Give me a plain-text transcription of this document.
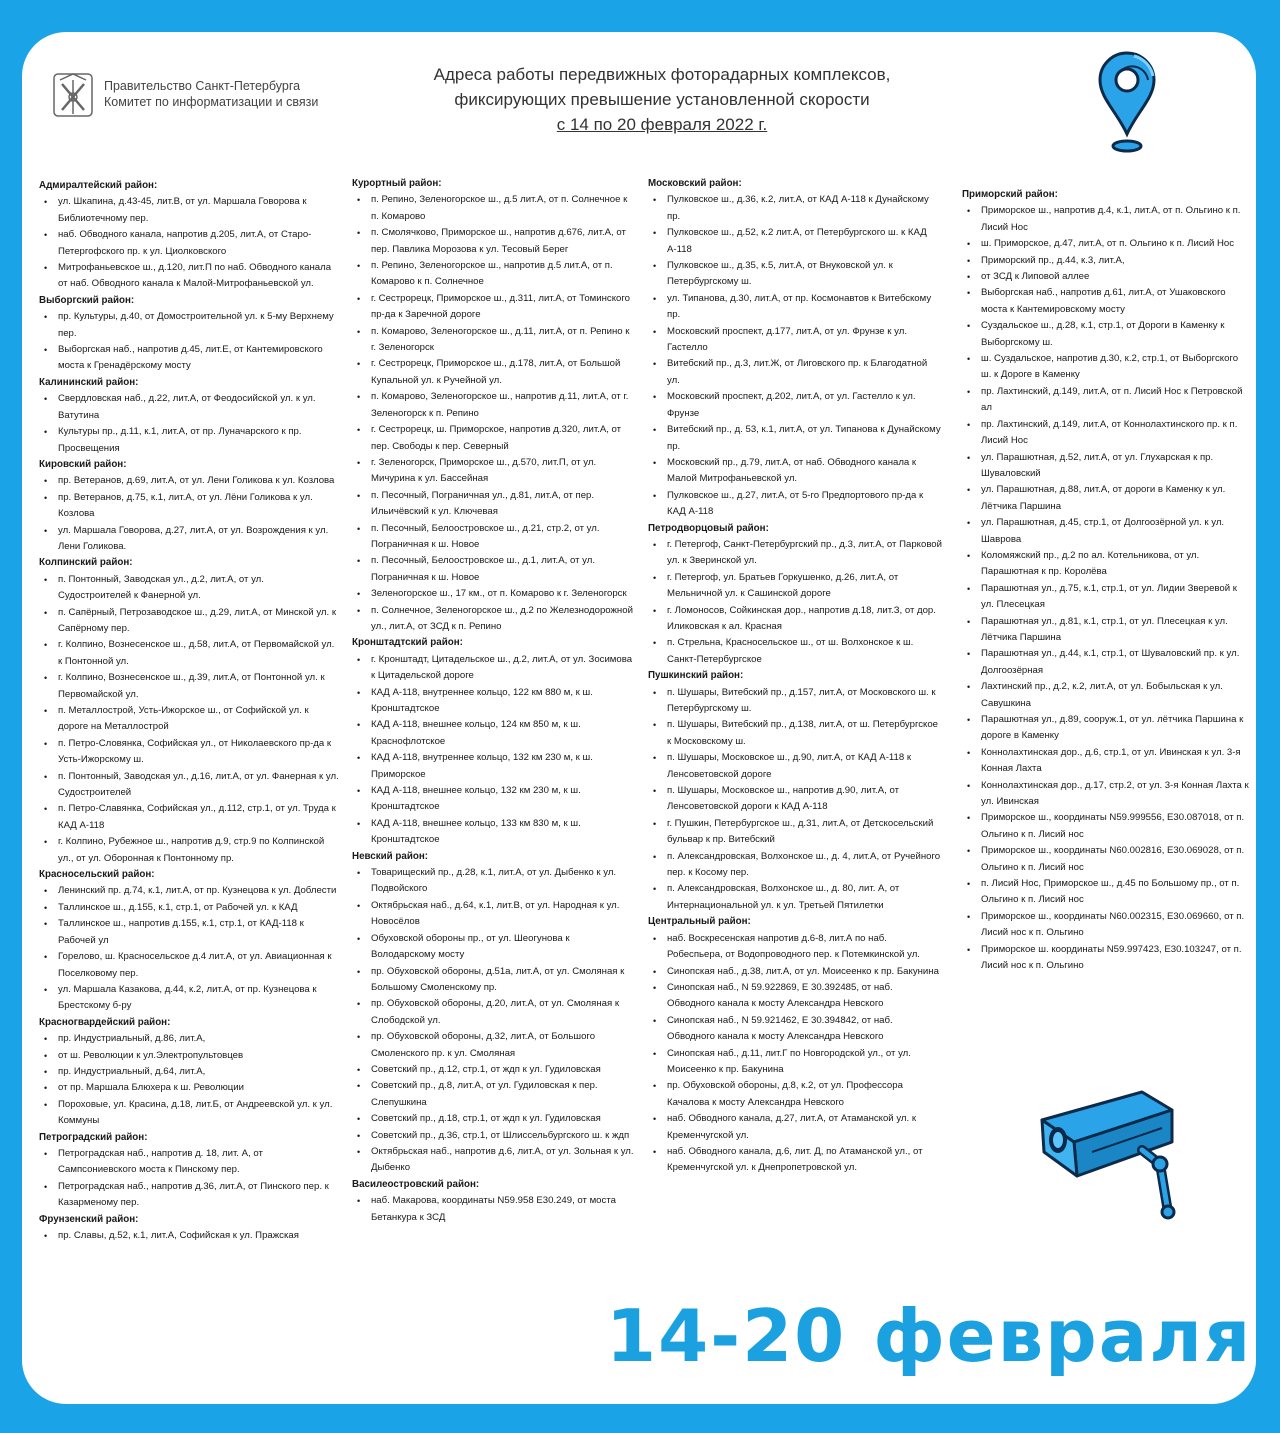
Правительство Санкт-Петербурга
Комитет по информатизации и связи
Адреса работы передвижных фоторадарных комплексов,
фиксирующих превышение установленной скорости
с 14 по 20 февраля 2022 г.
Адмиралтейский район:
• ул. Шкапина, д.43-45, лит.В, от ул. Маршала Говорова к Библиотечному пер.
• наб. Обводного канала, напротив д.205, лит.А, от Старо-Петергофского пр. к ул. Циолковского
• Митрофаньевское ш., д.120, лит.П по наб. Обводного канала от наб. Обводного канала к Малой-Митрофаньевской ул.
Выборгский район:
• пр. Культуры, д.40, от Домостроительной ул. к 5-му Верхнему пер.
• Выборгская наб., напротив д.45, лит.Е, от Кантемировского моста к Гренадёрскому мосту
Калининский район:
• Свердловская наб., д.22, лит.А, от Феодосийской ул. к ул. Ватутина
• Культуры пр., д.11, к.1, лит.А, от пр. Луначарского к пр. Просвещения
Кировский район:
• пр. Ветеранов, д.69, лит.А, от ул. Лени Голикова к ул. Козлова
• пр. Ветеранов, д.75, к.1, лит.А, от ул. Лёни Голикова к ул. Козлова
• ул. Маршала Говорова, д.27, лит.А, от ул. Возрождения к ул. Лени Голикова.
Колпинский район:
• п. Понтонный, Заводская ул., д.2, лит.А, от ул. Судостроителей к Фанерной ул.
• п. Сапёрный, Петрозаводское ш., д.29, лит.А, от Минской ул. к Сапёрному пер.
• г. Колпино, Вознесенское ш., д.58, лит.А, от Первомайской ул. к Понтонной ул.
• г. Колпино, Вознесенское ш., д.39, лит.А, от Понтонной ул. к Первомайской ул.
• п. Металлострой, Усть-Ижорское ш., от Софийской ул. к дороге на Металлострой
• п. Петро-Словянка, Софийская ул., от Николаевского пр-да к Усть-Ижорскому ш.
• п. Понтонный, Заводская ул., д.16, лит.А, от ул. Фанерная к ул. Судостроителей
• п. Петро-Славянка, Софийская ул., д.112, стр.1, от ул. Труда к КАД А-118
• г. Колпино, Рубежное ш., напротив д.9, стр.9 по Колпинской ул., от ул. Оборонная к Понтонному пр.
Красносельский район:
• Ленинский пр. д.74, к.1, лит.А, от пр. Кузнецова к ул. Доблести
• Таллинское ш., д.155, к.1, стр.1, от Рабочей ул. к КАД
• Таллинское ш., напротив д.155, к.1, стр.1, от КАД-118 к Рабочей ул
• Горелово, ш. Красносельское д.4 лит.А, от ул. Авиационная к Поселковому пер.
• ул. Маршала Казакова, д.44, к.2, лит.А, от пр. Кузнецова к Брестскому б-ру
Красногвардейский район:
• пр. Индустриальный, д.86, лит.А,
• от ш. Революции к ул.Электропультовцев
• пр. Индустриальный, д.64, лит.А,
• от пр. Маршала Блюхера к ш. Революции
• Пороховые, ул. Красина, д.18, лит.Б, от Андреевской ул. к ул. Коммуны
Петроградский район:
• Петроградская наб., напротив д. 18, лит. А, от Сампсониевского моста к Пинскому пер.
• Петроградская наб., напротив д.36, лит.А, от Пинского пер. к Казарменому пер.
Фрунзенский район:
• пр. Славы, д.52, к.1, лит.А, Софийская к ул. Пражская
Курортный район:
• п. Репино, Зеленогорское ш., д.5 лит.А, от п. Солнечное к п. Комарово
• п. Смолячково, Приморское ш., напротив д.676, лит.А, от пер. Павлика Морозова к ул. Тесовый Берег
• п. Репино, Зеленогорское ш., напротив д.5 лит.А, от п. Комарово к п. Солнечное
• г. Сестрорецк, Приморское ш., д.311, лит.А, от Томинского пр-да к Заречной дороге
• п. Комарово, Зеленогорское ш., д.11, лит.А, от п. Репино к г. Зеленогорск
• г. Сестрорецк, Приморское ш., д.178, лит.А, от Большой Купальной ул. к Ручейной ул.
• п. Комарово, Зеленогорское ш., напротив д.11, лит.А, от г. Зеленогорск к п. Репино
• г. Сестрорецк, ш. Приморское, напротив д.320, лит.А, от пер. Свободы к пер. Северный
• г. Зеленогорск, Приморское ш., д.570, лит.П, от ул. Мичурина к ул. Бассейная
• п. Песочный, Пограничная ул., д.81, лит.А, от пер. Ильичёвский к ул. Ключевая
• п. Песочный, Белоостровское ш., д.21, стр.2, от ул. Пограничная к ш. Новое
• п. Песочный, Белоостровское ш., д.1, лит.А, от ул. Пограничная к ш. Новое
• Зеленогорское ш., 17 км., от п. Комарово к г. Зеленогорск
• п. Солнечное, Зеленогорское ш., д.2 по Железнодорожной ул., лит.А, от ЗСД к п. Репино
Кронштадтский район:
• г. Кронштадт, Цитадельское ш., д.2, лит.А, от ул. Зосимова к Цитадельской дороге
• КАД А-118, внутреннее кольцо, 122 км 880 м, к ш. Кронштадтское
• КАД А-118, внешнее кольцо, 124 км 850 м, к ш. Краснофлотское
• КАД А-118, внутреннее кольцо, 132 км 230 м, к ш. Приморское
• КАД А-118, внешнее кольцо, 132 км 230 м, к ш. Кронштадтское
• КАД А-118, внешнее кольцо, 133 км 830 м, к ш. Кронштадтское
Невский район:
• Товарищеский пр., д.28, к.1, лит.А, от ул. Дыбенко к ул. Подвойского
• Октябрьская наб., д.64, к.1, лит.В, от ул. Народная к ул. Новосёлов
• Обуховской обороны пр., от ул. Шеогунова к Володарскому мосту
• пр. Обуховской обороны, д.51а, лит.А, от ул. Смоляная к Большому Смоленскому пр.
• пр. Обуховской обороны, д.20, лит.А, от ул. Смоляная к Слободской ул.
• пр. Обуховской обороны, д.32, лит.А, от Большого Смоленского пр. к ул. Смоляная
• Советский пр., д.12, стр.1, от ждп к ул. Гудиловская
• Советский пр., д.8, лит.А, от ул. Гудиловская к пер. Слепушкина
• Советский пр., д.18, стр.1, от ждп к ул. Гудиловская
• Советский пр., д.36, стр.1, от Шлиссельбургского ш. к ждп
• Октябрьская наб., напротив д.6, лит.А, от ул. Зольная к ул. Дыбенко
Василеостровский район:
• наб. Макарова, координаты N59.958 E30.249, от моста Бетанкура к ЗСД
Московский район:
• Пулковское ш., д.36, к.2, лит.А, от КАД А-118 к Дунайскому пр.
• Пулковское ш., д.52, к.2 лит.А, от Петербургского ш. к КАД А-118
• Пулковское ш., д.35, к.5, лит.А, от Внуковской ул. к Петербургскому ш.
• ул. Типанова, д.30, лит.А, от пр. Космонавтов к Витебскому пр.
• Московский проспект, д.177, лит.А, от ул. Фрунзе к ул. Гастелло
• Витебский пр., д.3, лит.Ж, от Лиговского пр. к Благодатной ул.
• Московский проспект, д.202, лит.А, от ул. Гастелло к ул. Фрунзе
• Витебский пр., д. 53, к.1, лит.А, от ул. Типанова к Дунайскому пр.
• Московский пр., д.79, лит.А, от наб. Обводного канала к Малой Митрофаньевской ул.
• Пулковское ш., д.27, лит.А, от 5-го Предпортового пр-да к КАД А-118
Петродворцовый район:
• г. Петергоф, Санкт-Петербургский пр., д.3, лит.А, от Парковой ул. к Зверинской ул.
• г. Петергоф, ул. Братьев Горкушенко, д.26, лит.А, от Мельничной ул. к Сашинской дороге
• г. Ломоносов, Сойкинская дор., напротив д.18, лит.З, от дор. Иликовская к ал. Красная
• п. Стрельна, Красносельское ш., от ш. Волхонское к ш. Санкт-Петербургское
Пушкинский район:
• п. Шушары, Витебский пр., д.157, лит.А, от Московского ш. к Петербургскому ш.
• п. Шушары, Витебский пр., д.138, лит.А, от ш. Петербургское к Московскому ш.
• п. Шушары, Московское ш., д.90, лит.А, от КАД А-118 к Ленсоветовской дороге
• п. Шушары, Московское ш., напротив д.90, лит.А, от Ленсоветовской дороги к КАД А-118
• г. Пушкин, Петербургское ш., д.31, лит.А, от Детскосельский бульвар к пр. Витебский
• п. Александровская, Волхонское ш., д. 4, лит.А, от Ручейного пер. к Косому пер.
• п. Александровская, Волхонское ш., д. 80, лит. А, от Интернациональной ул. к ул. Третьей Пятилетки
Центральный район:
• наб. Воскресенская напротив д.6-8, лит.А по наб. Робеспьера, от Водопроводного пер. к Потемкинской ул.
• Синопская наб., д.38, лит.А, от ул. Моисеенко к пр. Бакунина
• Синопская наб., N 59.922869, E 30.392485, от наб. Обводного канала к мосту Александра Невского
• Синопская наб., N 59.921462, E 30.394842, от наб. Обводного канала к мосту Александра Невского
• Синопская наб., д.11, лит.Г по Новгородской ул., от ул. Моисеенко к пр. Бакунина
• пр. Обуховской обороны, д.8, к.2, от ул. Профессора Качалова к мосту Александра Невского
• наб. Обводного канала, д.27, лит.А, от Атаманской ул. к Кременчугской ул.
• наб. Обводного канала, д.6, лит. Д, по Атаманской ул., от Кременчугской ул. к Днепропетровской ул.
Приморский район:
• Приморское ш., напротив д.4, к.1, лит.А, от п. Ольгино к п. Лисий Нос
• ш. Приморское, д.47, лит.А, от п. Ольгино к п. Лисий Нос
• Приморский пр., д.44, к.3, лит.А,
• от ЗСД к Липовой аллее
• Выборгская наб., напротив д.61, лит.А, от Ушаковского моста к Кантемировскому мосту
• Суздальское ш., д.28, к.1, стр.1, от Дороги в Каменку к Выборгскому ш.
• ш. Суздальское, напротив д.30, к.2, стр.1, от Выборгского ш. к Дороге в Каменку
• пр. Лахтинский, д.149, лит.А, от п. Лисий Нос к Петровской ал
• пр. Лахтинский, д.149, лит.А, от Коннолахтинского пр. к п. Лисий Нос
• ул. Парашютная, д.52, лит.А, от ул. Глухарская к пр. Шуваловский
• ул. Парашютная, д.88, лит.А, от дороги в Каменку к ул. Лётчика Паршина
• ул. Парашютная, д.45, стр.1, от Долгоозёрной ул. к ул. Шаврова
• Коломяжский пр., д.2 по ал. Котельникова, от ул. Парашютная к пр. Королёва
• Парашютная ул., д.75, к.1, стр.1, от ул. Лидии Зверевой к ул. Плесецкая
• Парашютная ул., д.81, к.1, стр.1, от ул. Плесецкая к ул. Лётчика Паршина
• Парашютная ул., д.44, к.1, стр.1, от Шуваловский пр. к ул. Долгоозёрная
• Лахтинский пр., д.2, к.2, лит.А, от ул. Бобыльская к ул. Савушкина
• Парашютная ул., д.89, сооруж.1, от ул. лётчика Паршина к дороге в Каменку
• Коннолахтинская дор., д.6, стр.1, от ул. Ивинская к ул. 3-я Конная Лахта
• Коннолахтинская дор., д.17, стр.2, от ул. 3-я Конная Лахта к ул. Ивинская
• Приморское ш., координаты N59.999556, E30.087018, от п. Ольгино к п. Лисий нос
• Приморское ш., координаты N60.002816, E30.069028, от п. Ольгино к п. Лисий нос
• п. Лисий Нос, Приморское ш., д.45 по Большому пр., от п. Ольгино к п. Лисий нос
• Приморское ш., координаты N60.002315, E30.069660, от п. Лисий нос к п. Ольгино
• Приморское ш. координаты N59.997423, E30.103247, от п. Лисий нос к п. Ольгино
14-20 февраля
